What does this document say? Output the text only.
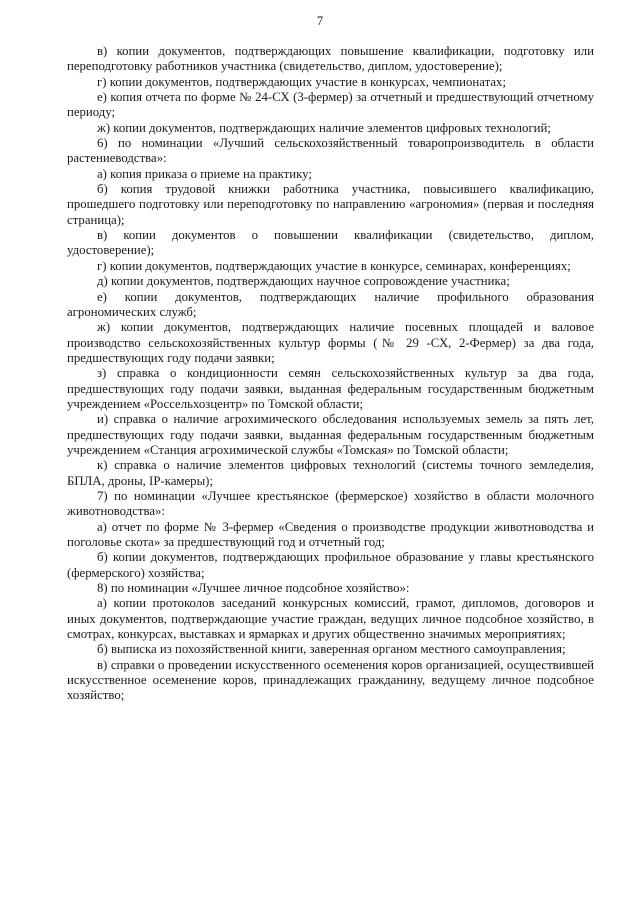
7

в) копии документов, подтверждающих повышение квалификации, подготовку или переподготовку работников участника (свидетельство, диплом, удостоверение);

г) копии документов, подтверждающих участие в конкурсах, чемпионатах;

е) копия отчета по форме № 24-СХ (3-фермер) за отчетный и предшествующий отчетному периоду;

ж) копии документов, подтверждающих наличие элементов цифровых технологий;

6) по номинации «Лучший сельскохозяйственный товаропроизводитель в области растениеводства»:

а) копия приказа о приеме на практику;

б) копия трудовой книжки работника участника, повысившего квалификацию, прошедшего подготовку или переподготовку по направлению «агрономия» (первая и последняя страница);

в) копии документов о повышении квалификации (свидетельство, диплом, удостоверение);

г) копии документов, подтверждающих участие в конкурсе, семинарах, конференциях;

д) копии документов, подтверждающих научное сопровождение участника;

е) копии документов, подтверждающих наличие профильного образования агрономических служб;

ж) копии документов, подтверждающих наличие посевных площадей и валовое производство сельскохозяйственных культур формы (№ 29 -СХ, 2-Фермер) за два года, предшествующих году подачи заявки;

з) справка о кондиционности семян сельскохозяйственных культур за два года, предшествующих году подачи заявки, выданная федеральным государственным бюджетным учреждением «Россельхозцентр» по Томской области;

и) справка о наличие агрохимического обследования используемых земель за пять лет, предшествующих году подачи заявки, выданная федеральным государственным бюджетным учреждением «Станция агрохимической службы «Томская» по Томской области;

к) справка о наличие элементов цифровых технологий (системы точного земледелия, БПЛА, дроны, IP-камеры);

7) по номинации «Лучшее крестьянское (фермерское) хозяйство в области молочного животноводства»:

а) отчет по форме № 3-фермер «Сведения о производстве продукции животноводства и поголовье скота» за предшествующий год и отчетный год;

б) копии документов, подтверждающих профильное образование у главы крестьянского (фермерского) хозяйства;

8) по номинации «Лучшее личное подсобное хозяйство»:

а) копии протоколов заседаний конкурсных комиссий, грамот, дипломов, договоров и иных документов, подтверждающие участие граждан, ведущих личное подсобное хозяйство, в смотрах, конкурсах, выставках и ярмарках и других общественно значимых мероприятиях;

б) выписка из похозяйственной книги, заверенная органом местного самоуправления;

в) справки о проведении искусственного осеменения коров организацией, осуществившей искусственное осеменение коров, принадлежащих гражданину, ведущему личное подсобное хозяйство;
